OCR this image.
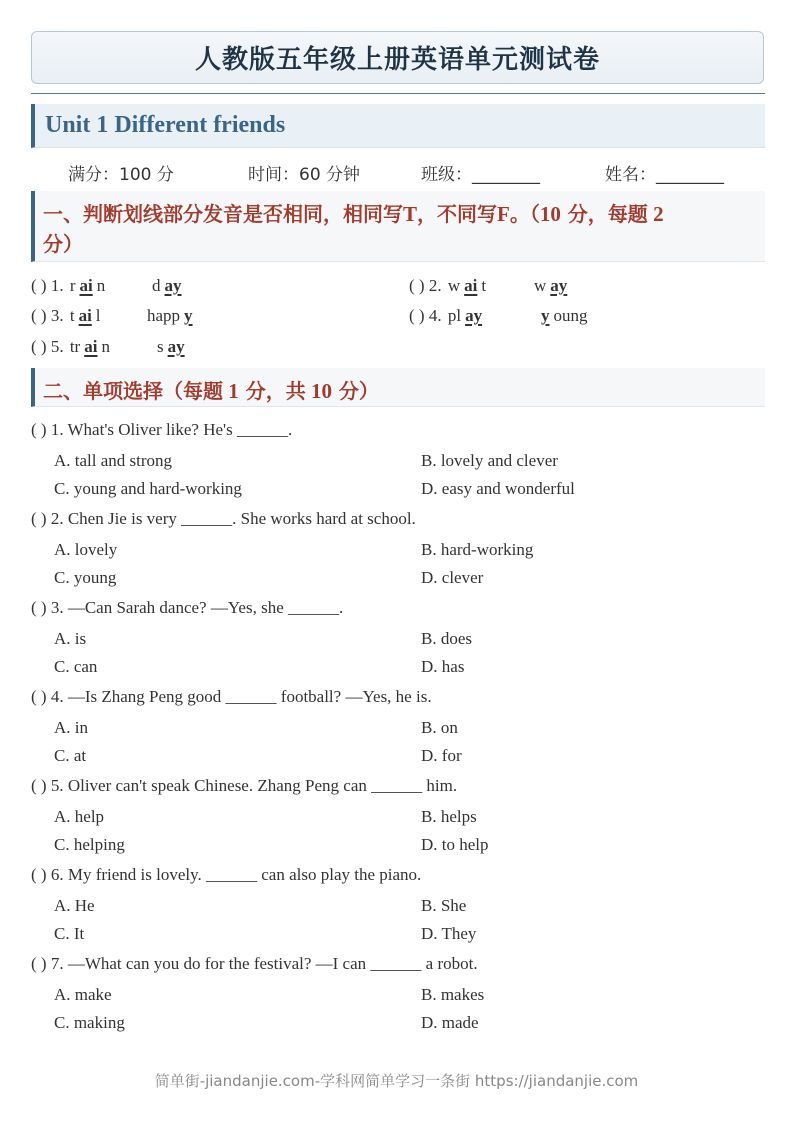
人教版五年级上册英语单元测试卷
Unit 1 Different friends
满分：100 分	时间：60 分钟	班级：________	姓名：________
一、判断划线部分发音是否相同，相同写T，不同写F。（10 分，每题 2
分）
( ) 1. r ai n	d ay	( ) 2. w ai t	w ay
( ) 3. t ai l	happ y	( ) 4. pl ay	y oung
( ) 5. tr ai n	s ay
二、单项选择（每题 1 分，共 10 分）
( ) 1. What's Oliver like? He's ______.
A. tall and strong	B. lovely and clever
C. young and hard-working	D. easy and wonderful
( ) 2. Chen Jie is very ______. She works hard at school.
A. lovely	B. hard-working
C. young	D. clever
( ) 3. —Can Sarah dance? —Yes, she ______.
A. is	B. does
C. can	D. has
( ) 4. —Is Zhang Peng good ______ football? —Yes, he is.
A. in	B. on
C. at	D. for
( ) 5. Oliver can't speak Chinese. Zhang Peng can ______ him.
A. help	B. helps
C. helping	D. to help
( ) 6. My friend is lovely. ______ can also play the piano.
A. He	B. She
C. It	D. They
( ) 7. —What can you do for the festival? —I can ______ a robot.
A. make	B. makes
C. making	D. made
简单街-jiandanjie.com-学科网简单学习一条街 https://jiandanjie.com
